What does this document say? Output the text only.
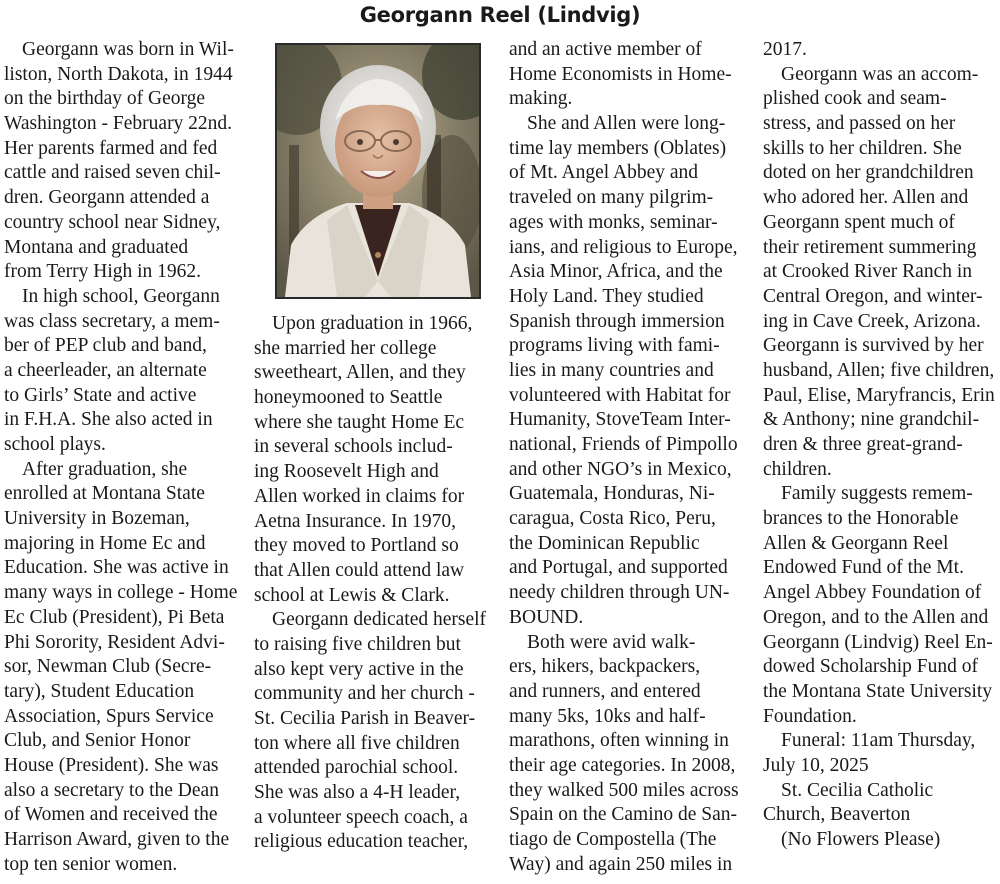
Georgann Reel (Lindvig)
Georgann was born in Wil-
liston, North Dakota, in 1944
on the birthday of George
Washington - February 22nd.
Her parents farmed and fed
cattle and raised seven chil-
dren. Georgann attended a
country school near Sidney,
Montana and graduated
from Terry High in 1962.
In high school, Georgann
was class secretary, a mem-
ber of PEP club and band,
a cheerleader, an alternate
to Girls’ State and active
in F.H.A. She also acted in
school plays.
After graduation, she
enrolled at Montana State
University in Bozeman,
majoring in Home Ec and
Education. She was active in
many ways in college - Home
Ec Club (President), Pi Beta
Phi Sorority, Resident Advi-
sor, Newman Club (Secre-
tary), Student Education
Association, Spurs Service
Club, and Senior Honor
House (President). She was
also a secretary to the Dean
of Women and received the
Harrison Award, given to the
top ten senior women.
Upon graduation in 1966,
she married her college
sweetheart, Allen, and they
honeymooned to Seattle
where she taught Home Ec
in several schools includ-
ing Roosevelt High and
Allen worked in claims for
Aetna Insurance. In 1970,
they moved to Portland so
that Allen could attend law
school at Lewis & Clark.
Georgann dedicated herself
to raising five children but
also kept very active in the
community and her church -
St. Cecilia Parish in Beaver-
ton where all five children
attended parochial school.
She was also a 4-H leader,
a volunteer speech coach, a
religious education teacher,
and an active member of
Home Economists in Home-
making.
She and Allen were long-
time lay members (Oblates)
of Mt. Angel Abbey and
traveled on many pilgrim-
ages with monks, seminar-
ians, and religious to Europe,
Asia Minor, Africa, and the
Holy Land. They studied
Spanish through immersion
programs living with fami-
lies in many countries and
volunteered with Habitat for
Humanity, StoveTeam Inter-
national, Friends of Pimpollo
and other NGO’s in Mexico,
Guatemala, Honduras, Ni-
caragua, Costa Rico, Peru,
the Dominican Republic
and Portugal, and supported
needy children through UN-
BOUND.
Both were avid walk-
ers, hikers, backpackers,
and runners, and entered
many 5ks, 10ks and half-
marathons, often winning in
their age categories. In 2008,
they walked 500 miles across
Spain on the Camino de San-
tiago de Compostella (The
Way) and again 250 miles in
2017.
Georgann was an accom-
plished cook and seam-
stress, and passed on her
skills to her children. She
doted on her grandchildren
who adored her. Allen and
Georgann spent much of
their retirement summering
at Crooked River Ranch in
Central Oregon, and winter-
ing in Cave Creek, Arizona.
Georgann is survived by her
husband, Allen; five children,
Paul, Elise, Maryfrancis, Erin
& Anthony; nine grandchil-
dren & three great-grand-
children.
Family suggests remem-
brances to the Honorable
Allen & Georgann Reel
Endowed Fund of the Mt.
Angel Abbey Foundation of
Oregon, and to the Allen and
Georgann (Lindvig) Reel En-
dowed Scholarship Fund of
the Montana State University
Foundation.
Funeral: 11am Thursday,
July 10, 2025
St. Cecilia Catholic
Church, Beaverton
(No Flowers Please)
